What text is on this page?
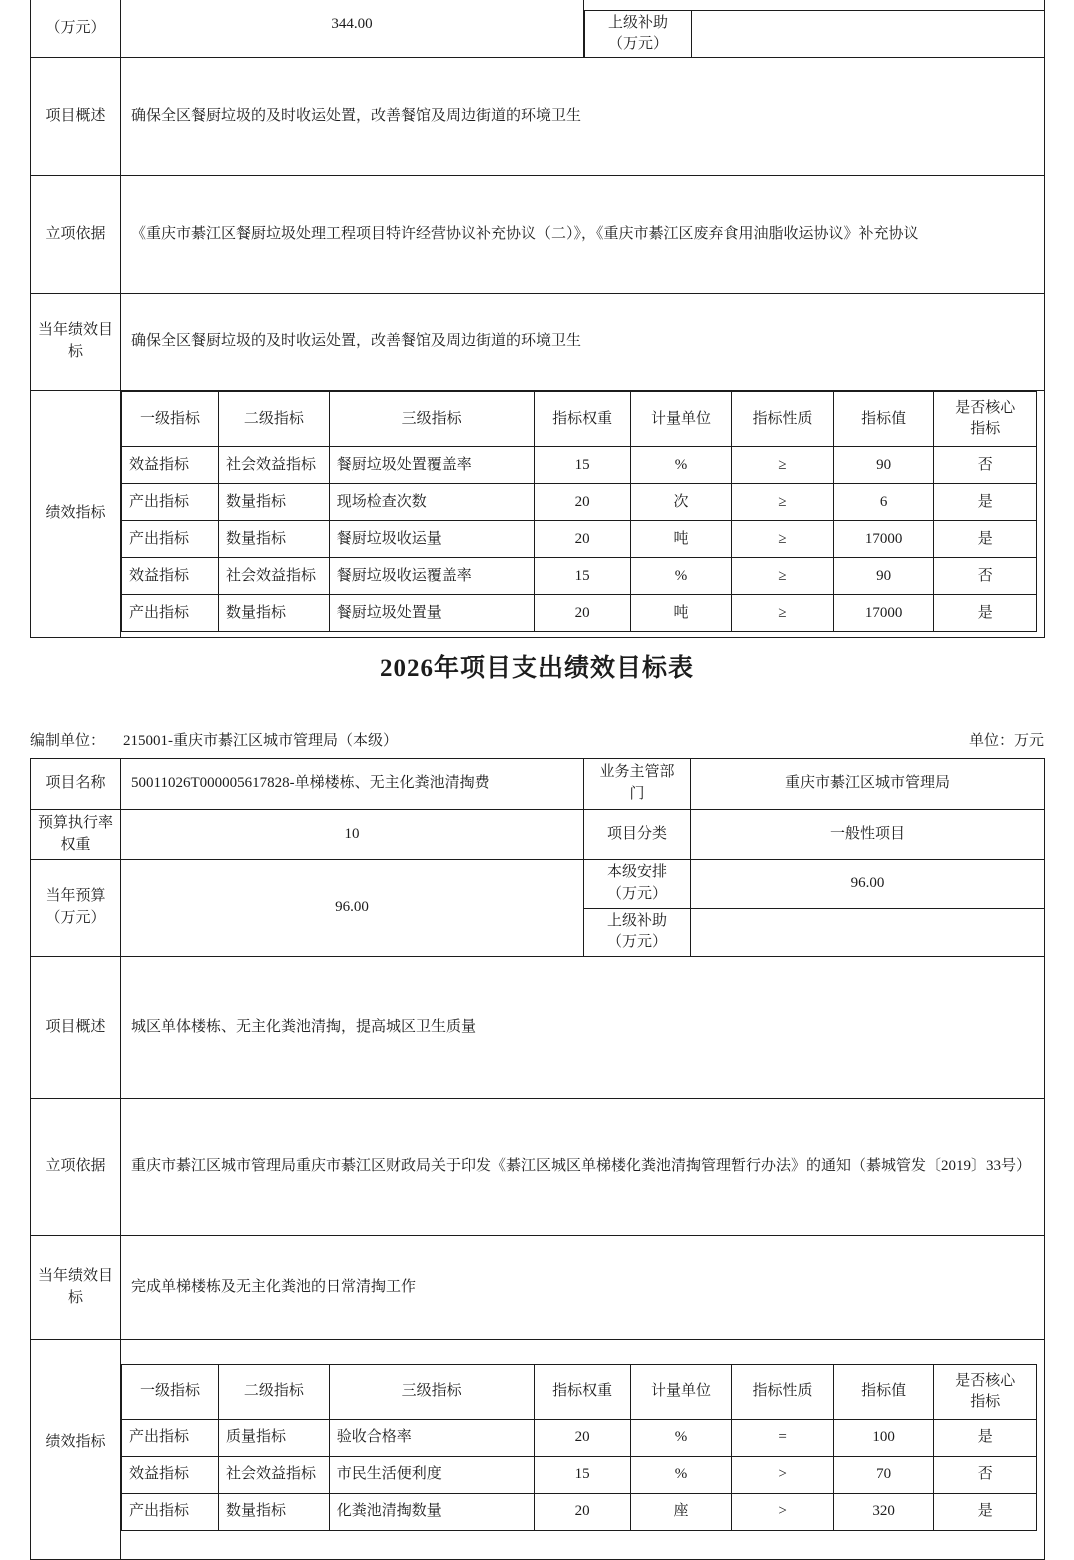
（万元）	344.00	上级补助（万元）

项目概述	确保全区餐厨垃圾的及时收运处置，改善餐馆及周边街道的环境卫生
立项依据	《重庆市綦江区餐厨垃圾处理工程项目特许经营协议补充协议（二）》，《重庆市綦江区废弃食用油脂收运协议》补充协议
当年绩效目标	确保全区餐厨垃圾的及时收运处置，改善餐馆及周边街道的环境卫生
绩效指标	
一级指标	二级指标	三级指标	指标权重	计量单位	指标性质	指标值	是否核心指标
效益指标	社会效益指标	餐厨垃圾处置覆盖率	15	%	≥	90	否
产出指标	数量指标	现场检查次数	20	次	≥	6	是
产出指标	数量指标	餐厨垃圾收运量	20	吨	≥	17000	是
效益指标	社会效益指标	餐厨垃圾收运覆盖率	15	%	≥	90	否
产出指标	数量指标	餐厨垃圾处置量	20	吨	≥	17000	是
2026年项目支出绩效目标表
编制单位： 215001-重庆市綦江区城市管理局（本级）	单位：万元
项目名称	50011026T000005617828-单梯楼栋、无主化粪池清掏费	业务主管部门	重庆市綦江区城市管理局
预算执行率权重	10	项目分类	一般性项目
当年预算（万元）	96.00	本级安排（万元）	96.00
上级补助（万元）	
项目概述	城区单体楼栋、无主化粪池清掏，提高城区卫生质量
立项依据	重庆市綦江区城市管理局重庆市綦江区财政局关于印发《綦江区城区单梯楼化粪池清掏管理暂行办法》的通知（綦城管发〔2019〕33号）
当年绩效目标	完成单梯楼栋及无主化粪池的日常清掏工作
绩效指标	
一级指标	二级指标	三级指标	指标权重	计量单位	指标性质	指标值	是否核心指标
产出指标	质量指标	验收合格率	20	%	=	100	是
效益指标	社会效益指标	市民生活便利度	15	%	>	70	否
产出指标	数量指标	化粪池清掏数量	20	座	>	320	是
